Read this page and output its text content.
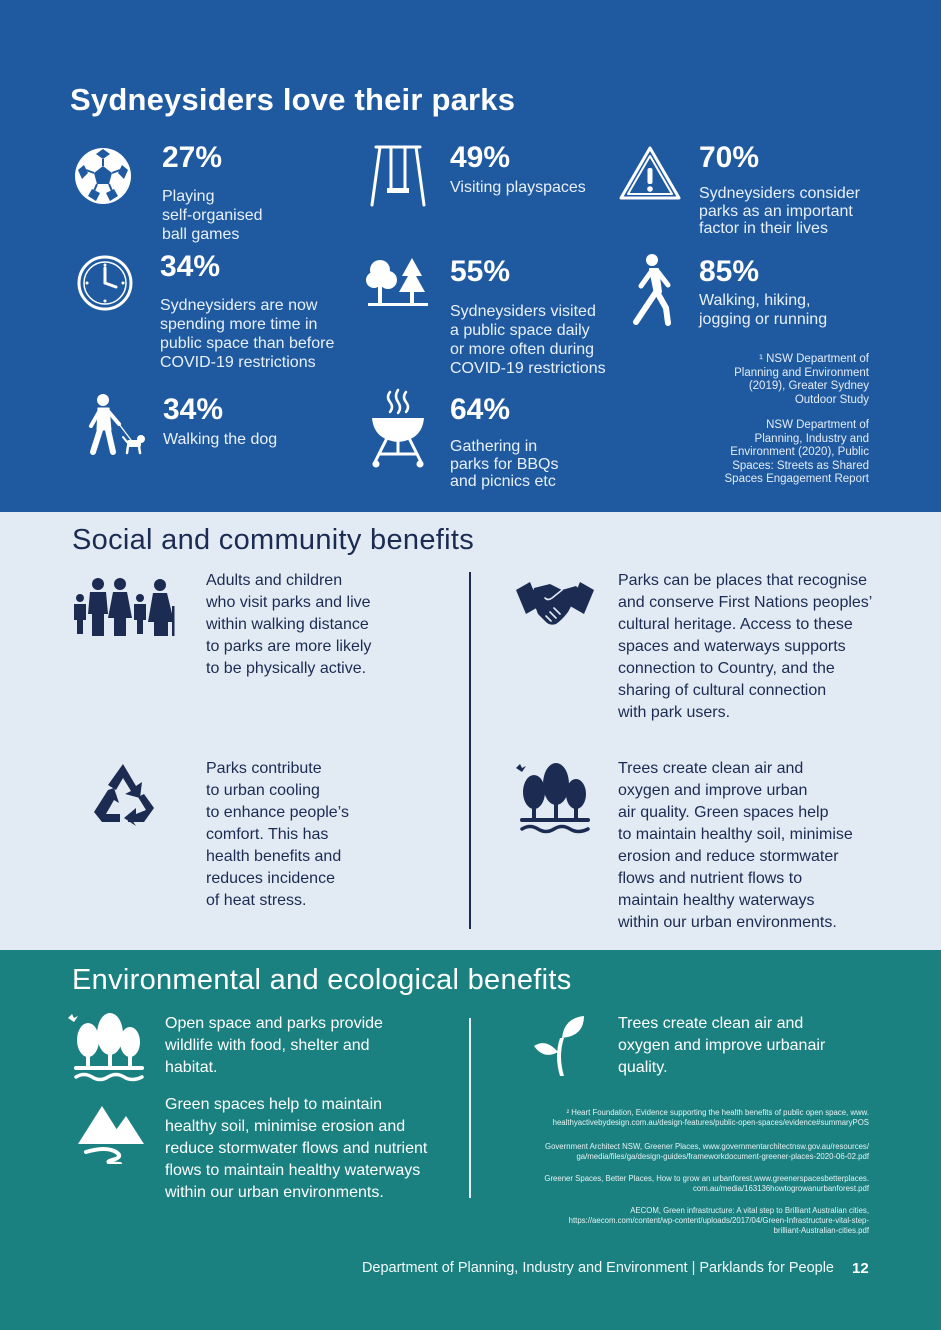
Sydneysiders love their parks
27%
Playing
self-organised
ball games
49%
Visiting playspaces
70%
Sydneysiders consider
parks as an important
factor in their lives
34%
Sydneysiders are now
spending more time in
public space than before
COVID-19 restrictions
55%
Sydneysiders visited
a public space daily
or more often during
COVID-19 restrictions
85%
Walking, hiking,
jogging or running
34%
Walking the dog
64%
Gathering in
parks for BBQs
and picnics etc
¹ NSW Department of
Planning and Environment
(2019), Greater Sydney
Outdoor Study
NSW Department of
Planning, Industry and
Environment (2020), Public
Spaces: Streets as Shared
Spaces Engagement Report
Social and community benefits
Adults and children
who visit parks and live
within walking distance
to parks are more likely
to be physically active.
Parks can be places that recognise
and conserve First Nations peoples’
cultural heritage. Access to these
spaces and waterways supports
connection to Country, and the
sharing of cultural connection
with park users.
Parks contribute
to urban cooling
to enhance people’s
comfort. This has
health benefits and
reduces incidence
of heat stress.
Trees create clean air and
oxygen and improve urban
air quality. Green spaces help
to maintain healthy soil, minimise
erosion and reduce stormwater
flows and nutrient flows to
maintain healthy waterways
within our urban environments.
Environmental and ecological benefits
Open space and parks provide
wildlife with food, shelter and
habitat.
Trees create clean air and
oxygen and improve urbanair
quality.
Green spaces help to maintain
healthy soil, minimise erosion and
reduce stormwater flows and nutrient
flows to maintain healthy waterways
within our urban environments.
² Heart Foundation, Evidence supporting the health benefits of public open space, www.
healthyactivebydesign.com.au/design-features/public-open-spaces/evidence#summaryPOS
Government Architect NSW, Greener Places, www.governmentarchitectnsw.gov.au/resources/
ga/media/files/ga/design-guides/frameworkdocument-greener-places-2020-06-02.pdf
Greener Spaces, Better Places, How to grow an urbanforest,www.greenerspacesbetterplaces.
com.au/media/163136howtogrowanurbanforest.pdf
AECOM, Green infrastructure: A vital step to Brilliant Australian cities,
https://aecom.com/content/wp-content/uploads/2017/04/Green-Infrastructure-vital-step-
brilliant-Australian-cities.pdf
Department of Planning, Industry and Environment | Parklands for People 12
